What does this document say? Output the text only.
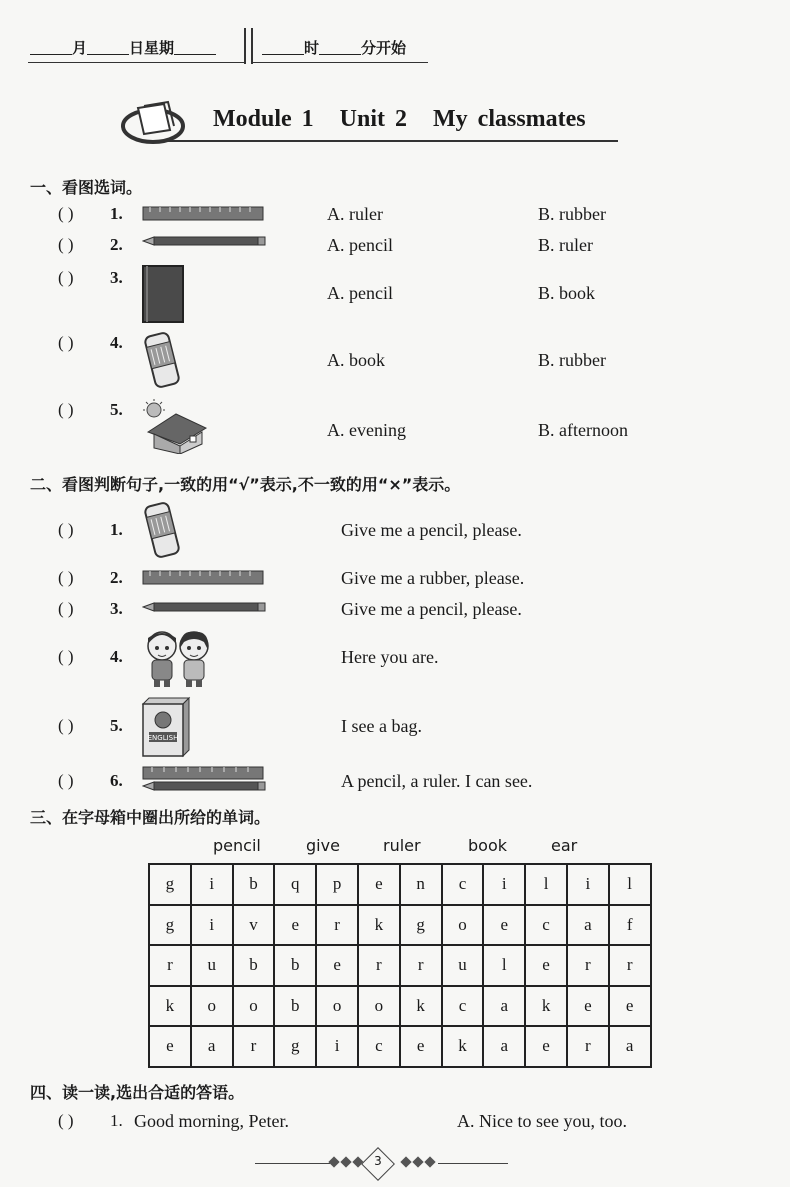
月	日星期	时	分开始
Module 1 Unit 2 My classmates
一、看图选词。
( ) 1.	A. ruler	B. rubber
( ) 2.	A. pencil	B. ruler
( ) 3.
A. pencil	B. book
( ) 4.
A. book	B. rubber
( ) 5.
A. evening	B. afternoon
二、看图判断句子,一致的用“√”表示,不一致的用“×”表示。
( ) 1.	Give me a pencil, please.
( ) 2.	Give me a rubber, please.
( ) 3.	Give me a pencil, please.
( ) 4.	Here you are.
( ) 5.
ENGLISH
I see a bag.
( ) 6.	A pencil, a ruler. I can see.
三、在字母箱中圈出所给的单词。
pencil	give	ruler	book	ear
g	i	b	q	p	e	n	c	i	l	i	l
g	i	v	e	r	k	g	o	e	c	a	f
r	u	b	b	e	r	r	u	l	e	r	r
k	o	o	b	o	o	k	c	a	k	e	e
e	a	r	g	i	c	e	k	a	e	r	a
四、读一读,选出合适的答语。
( ) 1. Good morning, Peter.	A. Nice to see you, too.
3
